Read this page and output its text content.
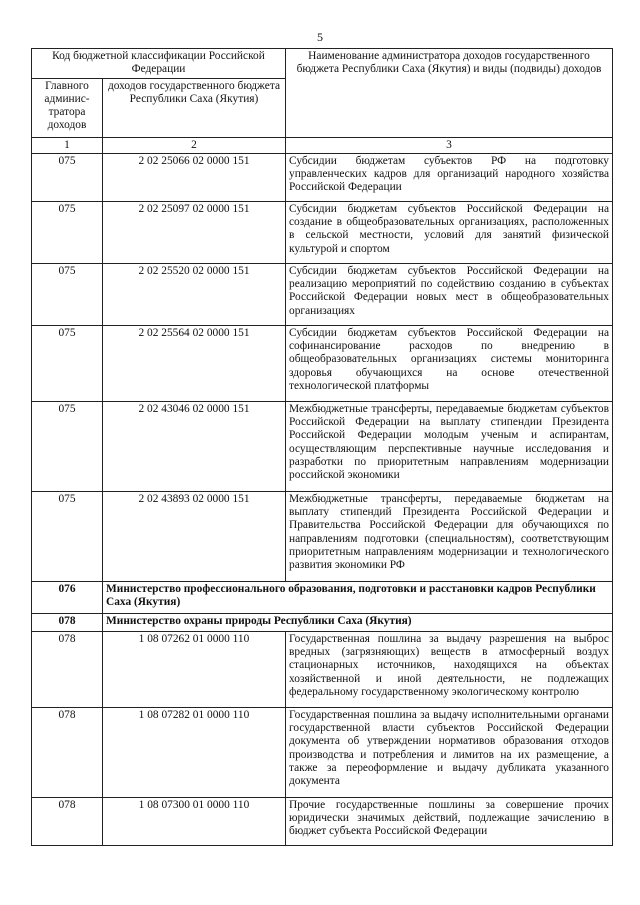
5
Код бюджетной классификации Российской Федерации		Наименование администратора доходов государственного бюджета Республики Саха (Якутия) и виды (подвиды) доходов
Главного админис-тратора доходов	доходов государственного бюджета Республики Саха (Якутия)	
1	2	3
075	2 02 25066 02 0000 151	Субсидии бюджетам субъектов РФ на подготовку управленческих кадров для организаций народного хозяйства Российской Федерации
075	2 02 25097 02 0000 151	Субсидии бюджетам субъектов Российской Федерации на создание в общеобразовательных организациях, расположенных в сельской местности, условий для занятий физической культурой и спортом
075	2 02 25520 02 0000 151	Субсидии бюджетам субъектов Российской Федерации на реализацию мероприятий по содействию созданию в субъектах Российской Федерации новых мест в общеобразовательных организациях
075	2 02 25564 02 0000 151	Субсидии бюджетам субъектов Российской Федерации на софинансирование расходов по внедрению в общеобразовательных организациях системы мониторинга здоровья обучающихся на основе отечественной технологической платформы
075	2 02 43046 02 0000 151	Межбюджетные трансферты, передаваемые бюджетам субъектов Российской Федерации на выплату стипендии Президента Российской Федерации молодым ученым и аспирантам, осуществляющим перспективные научные исследования и разработки по приоритетным направлениям модернизации российской экономики
075	2 02 43893 02 0000 151	Межбюджетные трансферты, передаваемые бюджетам на выплату стипендий Президента Российской Федерации и Правительства Российской Федерации для обучающихся по направлениям подготовки (специальностям), соответствующим приоритетным направлениям модернизации и технологического развития экономики РФ
076	Министерство профессионального образования, подготовки и расстановки кадров Республики Саха (Якутия)	
078	Министерство охраны природы Республики Саха (Якутия)	
078	1 08 07262 01 0000 110	Государственная пошлина за выдачу разрешения на выброс вредных (загрязняющих) веществ в атмосферный воздух стационарных источников, находящихся на объектах хозяйственной и иной деятельности, не подлежащих федеральному государственному экологическому контролю
078	1 08 07282 01 0000 110	Государственная пошлина за выдачу исполнительными органами государственной власти субъектов Российской Федерации документа об утверждении нормативов образования отходов производства и потребления и лимитов на их размещение, а также за переоформление и выдачу дубликата указанного документа
078	1 08 07300 01 0000 110	Прочие государственные пошлины за совершение прочих юридически значимых действий, подлежащие зачислению в бюджет субъекта Российской Федерации
